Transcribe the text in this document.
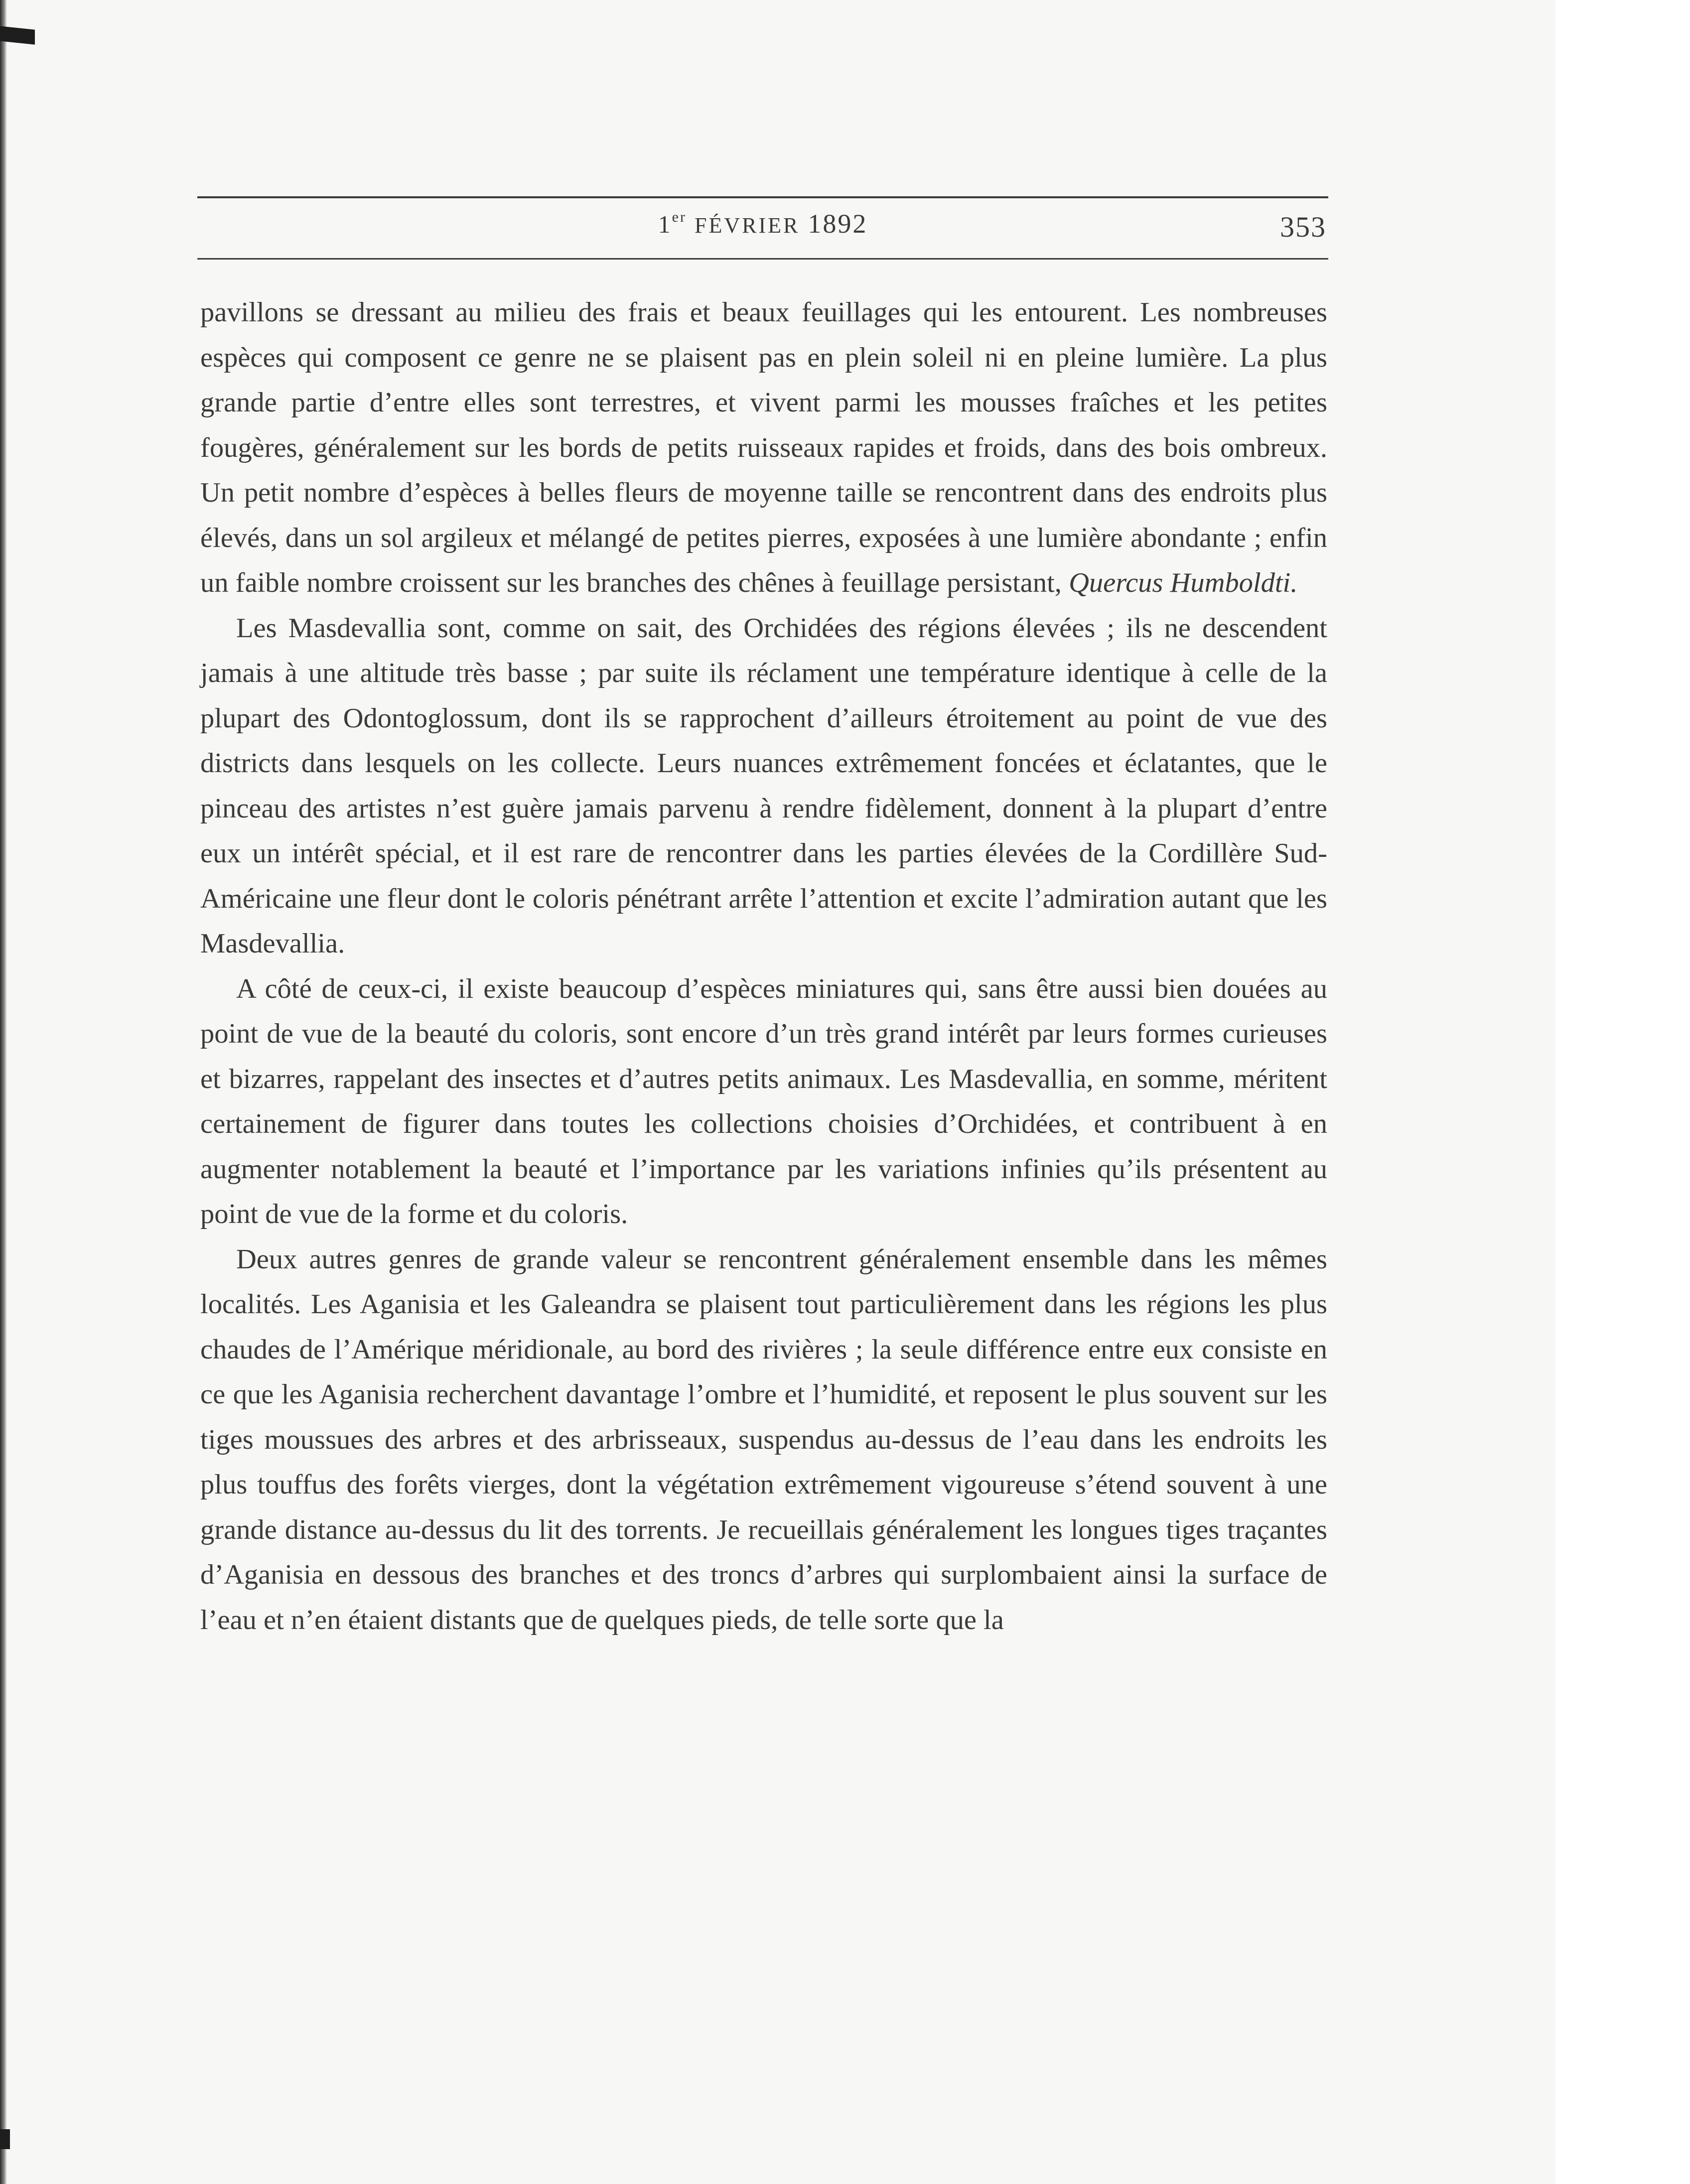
1er FÉVRIER 1892	353

pavillons se dressant au milieu des frais et beaux feuillages qui les entourent. Les nombreuses espèces qui composent ce genre ne se plaisent pas en plein soleil ni en pleine lumière. La plus grande partie d’entre elles sont terrestres, et vivent parmi les mousses fraîches et les petites fougères, généralement sur les bords de petits ruisseaux rapides et froids, dans des bois ombreux. Un petit nombre d’espèces à belles fleurs de moyenne taille se rencontrent dans des endroits plus élevés, dans un sol argileux et mélangé de petites pierres, exposées à une lumière abondante ; enfin un faible nombre croissent sur les branches des chênes à feuillage persistant, Quercus Humboldti.

Les Masdevallia sont, comme on sait, des Orchidées des régions élevées ; ils ne descendent jamais à une altitude très basse ; par suite ils réclament une température identique à celle de la plupart des Odontoglossum, dont ils se rapprochent d’ailleurs étroitement au point de vue des districts dans lesquels on les collecte. Leurs nuances extrêmement foncées et éclatantes, que le pinceau des artistes n’est guère jamais parvenu à rendre fidèlement, donnent à la plupart d’entre eux un intérêt spécial, et il est rare de rencontrer dans les parties élevées de la Cordillère Sud-Américaine une fleur dont le coloris pénétrant arrête l’attention et excite l’admiration autant que les Masdevallia.

A côté de ceux-ci, il existe beaucoup d’espèces miniatures qui, sans être aussi bien douées au point de vue de la beauté du coloris, sont encore d’un très grand intérêt par leurs formes curieuses et bizarres, rappelant des insectes et d’autres petits animaux. Les Masdevallia, en somme, méritent certainement de figurer dans toutes les collections choisies d’Orchidées, et contribuent à en augmenter notablement la beauté et l’importance par les variations infinies qu’ils présentent au point de vue de la forme et du coloris.

Deux autres genres de grande valeur se rencontrent généralement ensemble dans les mêmes localités. Les Aganisia et les Galeandra se plaisent tout particulièrement dans les régions les plus chaudes de l’Amérique méridionale, au bord des rivières ; la seule différence entre eux consiste en ce que les Aganisia recherchent davantage l’ombre et l’humidité, et reposent le plus souvent sur les tiges moussues des arbres et des arbrisseaux, suspendus au-dessus de l’eau dans les endroits les plus touffus des forêts vierges, dont la végétation extrêmement vigoureuse s’étend souvent à une grande distance au-dessus du lit des torrents. Je recueillais généralement les longues tiges traçantes d’Aganisia en dessous des branches et des troncs d’arbres qui surplombaient ainsi la surface de l’eau et n’en étaient distants que de quelques pieds, de telle sorte que la
